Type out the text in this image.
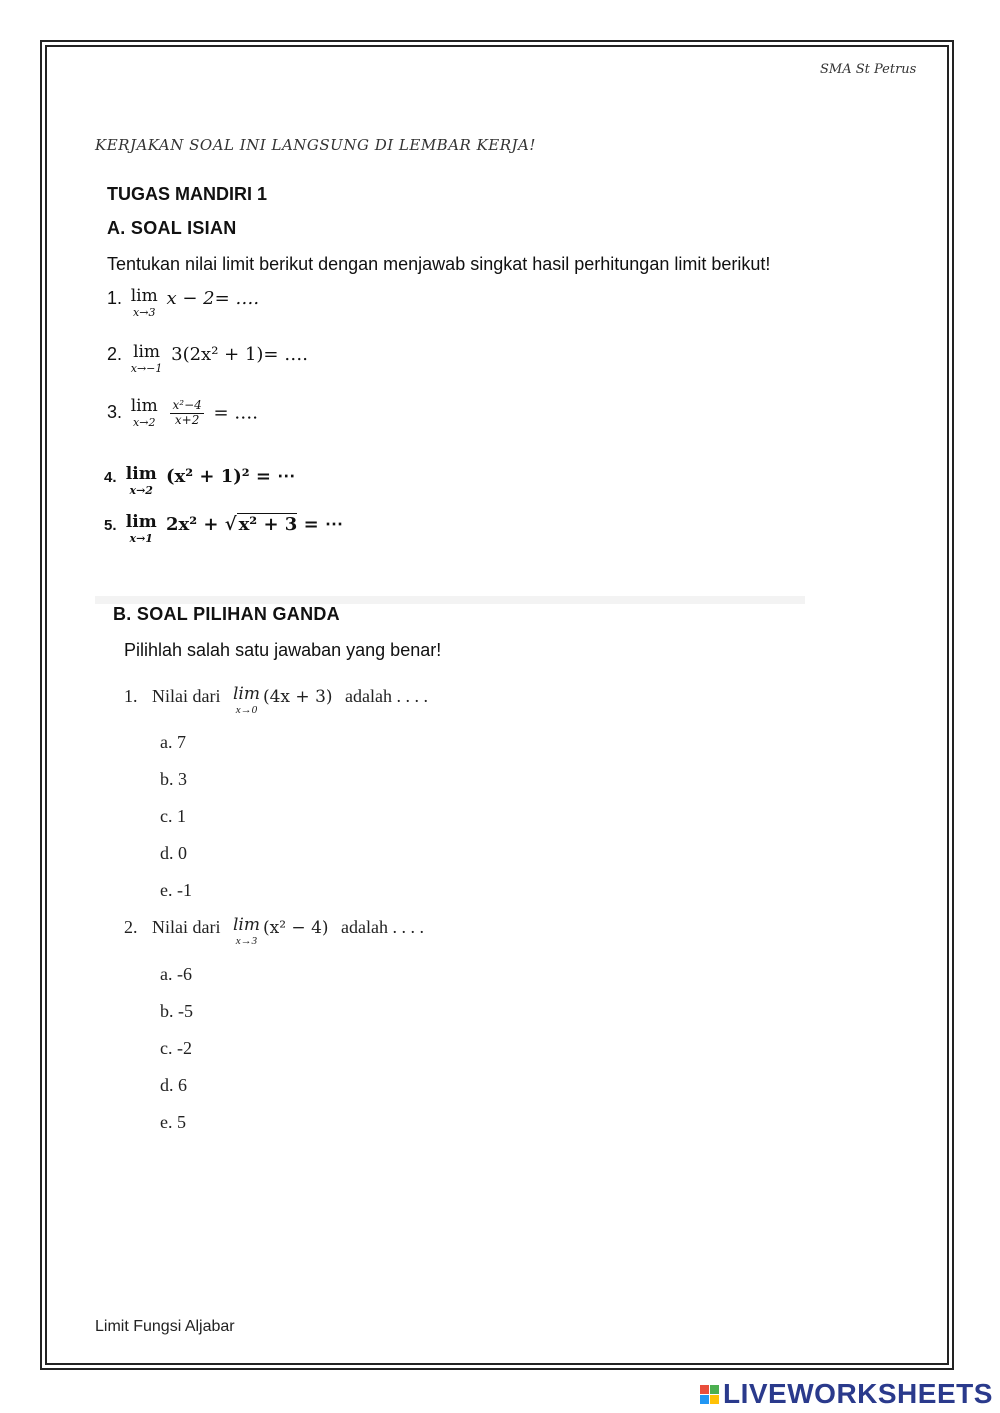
SMA St Petrus
KERJAKAN SOAL INI LANGSUNG DI LEMBAR KERJA!
TUGAS MANDIRI 1
A. SOAL ISIAN
Tentukan nilai limit berikut dengan menjawab singkat hasil perhitungan limit berikut!
1. lim
x→3
x − 2= ….
2. lim
x→−1
3(2x² + 1)= ….
3. lim
x→2
$\frac{\text{x²−4}}{x+2}$ = ….
4. lim
x→2
(x² + 1)² = ⋯
5. lim
x→1
2x² + √ x² + 3 = ⋯
B. SOAL PILIHAN GANDA
Pilihlah salah satu jawaban yang benar!
1. Nilai dari lim
x→0
(4x + 3) adalah . . . .
a. 7
b. 3
c. 1
d. 0
e. -1
2. Nilai dari lim
x→3
(x² − 4) adalah . . . .
a. -6
b. -5
c. -2
d. 6
e. 5
Limit Fungsi Aljabar
LIVEWORKSHEETS
